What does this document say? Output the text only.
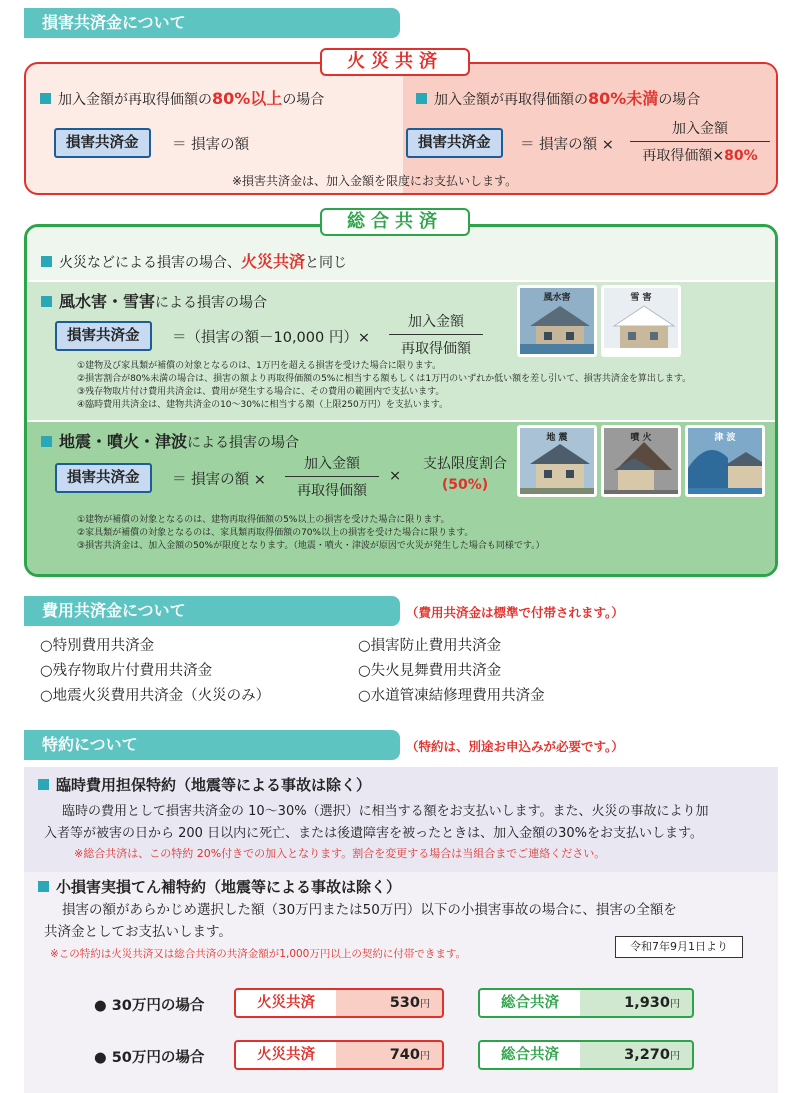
損害共済金について
加入金額が再取得価額の80%以上の場合	加入金額が再取得価額の80%未満の場合
損害共済金	＝ 損害の額	損害共済金	＝ 損害の額 ×
加入金額
再取得価額×80%
※損害共済金は、加入金額を限度にお支払いします。
火災共済
火災などによる損害の場合、火災共済と同じ
風水害・雪害による損害の場合
損害共済金	＝（損害の額－10,000 円）×
加入金額
再取得価額
①建物及び家具類が補償の対象となるのは、1万円を超える損害を受けた場合に限ります。
②損害割合が80%未満の場合は、損害の額より再取得価額の5%に相当する額もしくは1万円のいずれか低い額を差し引いて、損害共済金を算出します。
③残存物取片付け費用共済金は、費用が発生する場合に、その費用の範囲内で支払います。
④臨時費用共済金は、建物共済金の10～30%に相当する額（上限250万円）を支払います。
風水害	雪 害
地震・噴火・津波による損害の場合
損害共済金	＝ 損害の額 ×
加入金額
再取得価額
×
支払限度割合
(50%)
①建物が補償の対象となるのは、建物再取得価額の5%以上の損害を受けた場合に限ります。
②家具類が補償の対象となるのは、家具類再取得価額の70%以上の損害を受けた場合に限ります。
③損害共済金は、加入金額の50%が限度となります。（地震・噴火・津波が原因で火災が発生した場合も同様です。）
地 震	噴 火	津 波
総合共済
費用共済金について	（費用共済金は標準で付帯されます。）
○特別費用共済金
○残存物取片付費用共済金
○地震火災費用共済金（火災のみ）
○損害防止費用共済金
○失火見舞費用共済金
○水道管凍結修理費用共済金
特約について	（特約は、別途お申込みが必要です。）
臨時費用担保特約（地震等による事故は除く）
臨時の費用として損害共済金の 10～30%（選択）に相当する額をお支払いします。また、火災の事故により加
入者等が被害の日から 200 日以内に死亡、または後遺障害を被ったときは、加入金額の30%をお支払いします。
※総合共済は、この特約 20%付きでの加入となります。割合を変更する場合は当組合までご連絡ください。
小損害実損てん補特約（地震等による事故は除く）
損害の額があらかじめ選択した額（30万円または50万円）以下の小損害事故の場合に、損害の全額を
共済金としてお支払いします。
※この特約は火災共済又は総合共済の共済金額が1,000万円以上の契約に付帯できます。
令和7年9月1日より
● 30万円の場合	火災共済	530円	総合共済	1,930円
● 50万円の場合	火災共済	740円	総合共済	3,270円
